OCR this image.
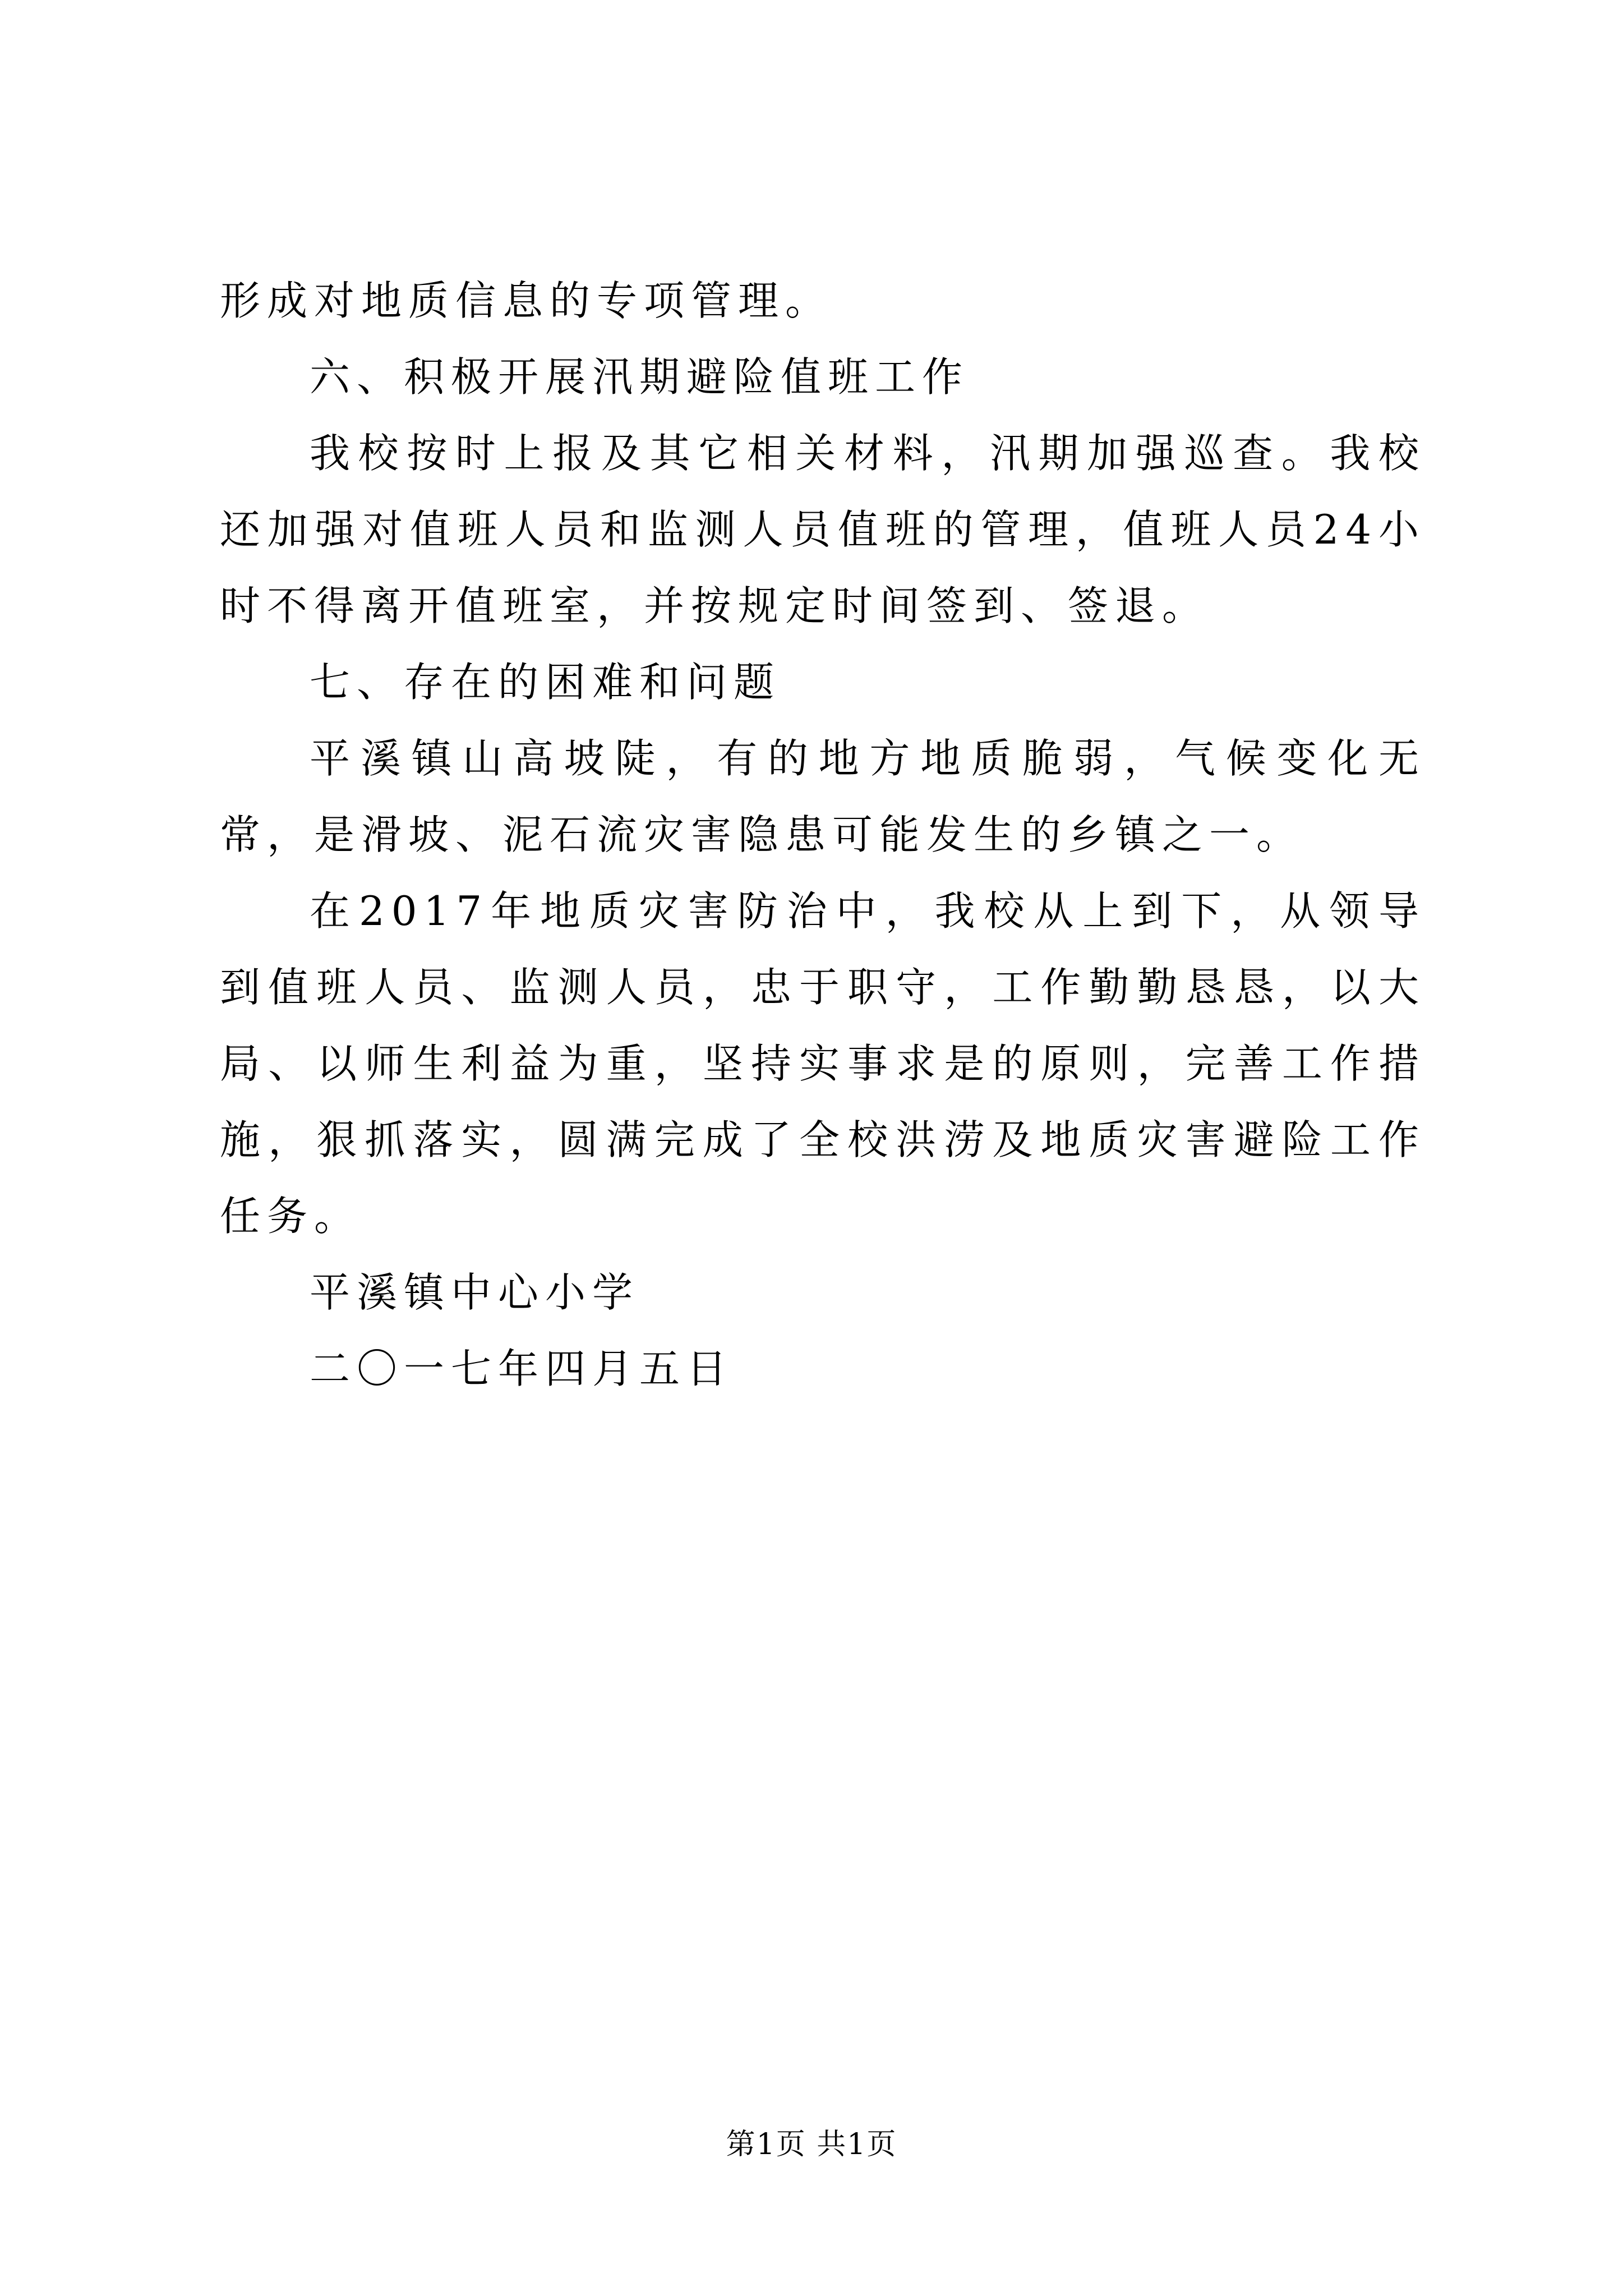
形成对地质信息的专项管理。

六、积极开展汛期避险值班工作

我校按时上报及其它相关材料，汛期加强巡查。我校还加强对值班人员和监测人员值班的管理，值班人员24小时不得离开值班室，并按规定时间签到、签退。

七、存在的困难和问题

平溪镇山高坡陡，有的地方地质脆弱，气候变化无常，是滑坡、泥石流灾害隐患可能发生的乡镇之一。

在2017年地质灾害防治中，我校从上到下，从领导到值班人员、监测人员，忠于职守，工作勤勤恳恳，以大局、以师生利益为重，坚持实事求是的原则，完善工作措施，狠抓落实，圆满完成了全校洪涝及地质灾害避险工作任务。

平溪镇中心小学

二〇一七年四月五日

第1页 共1页
